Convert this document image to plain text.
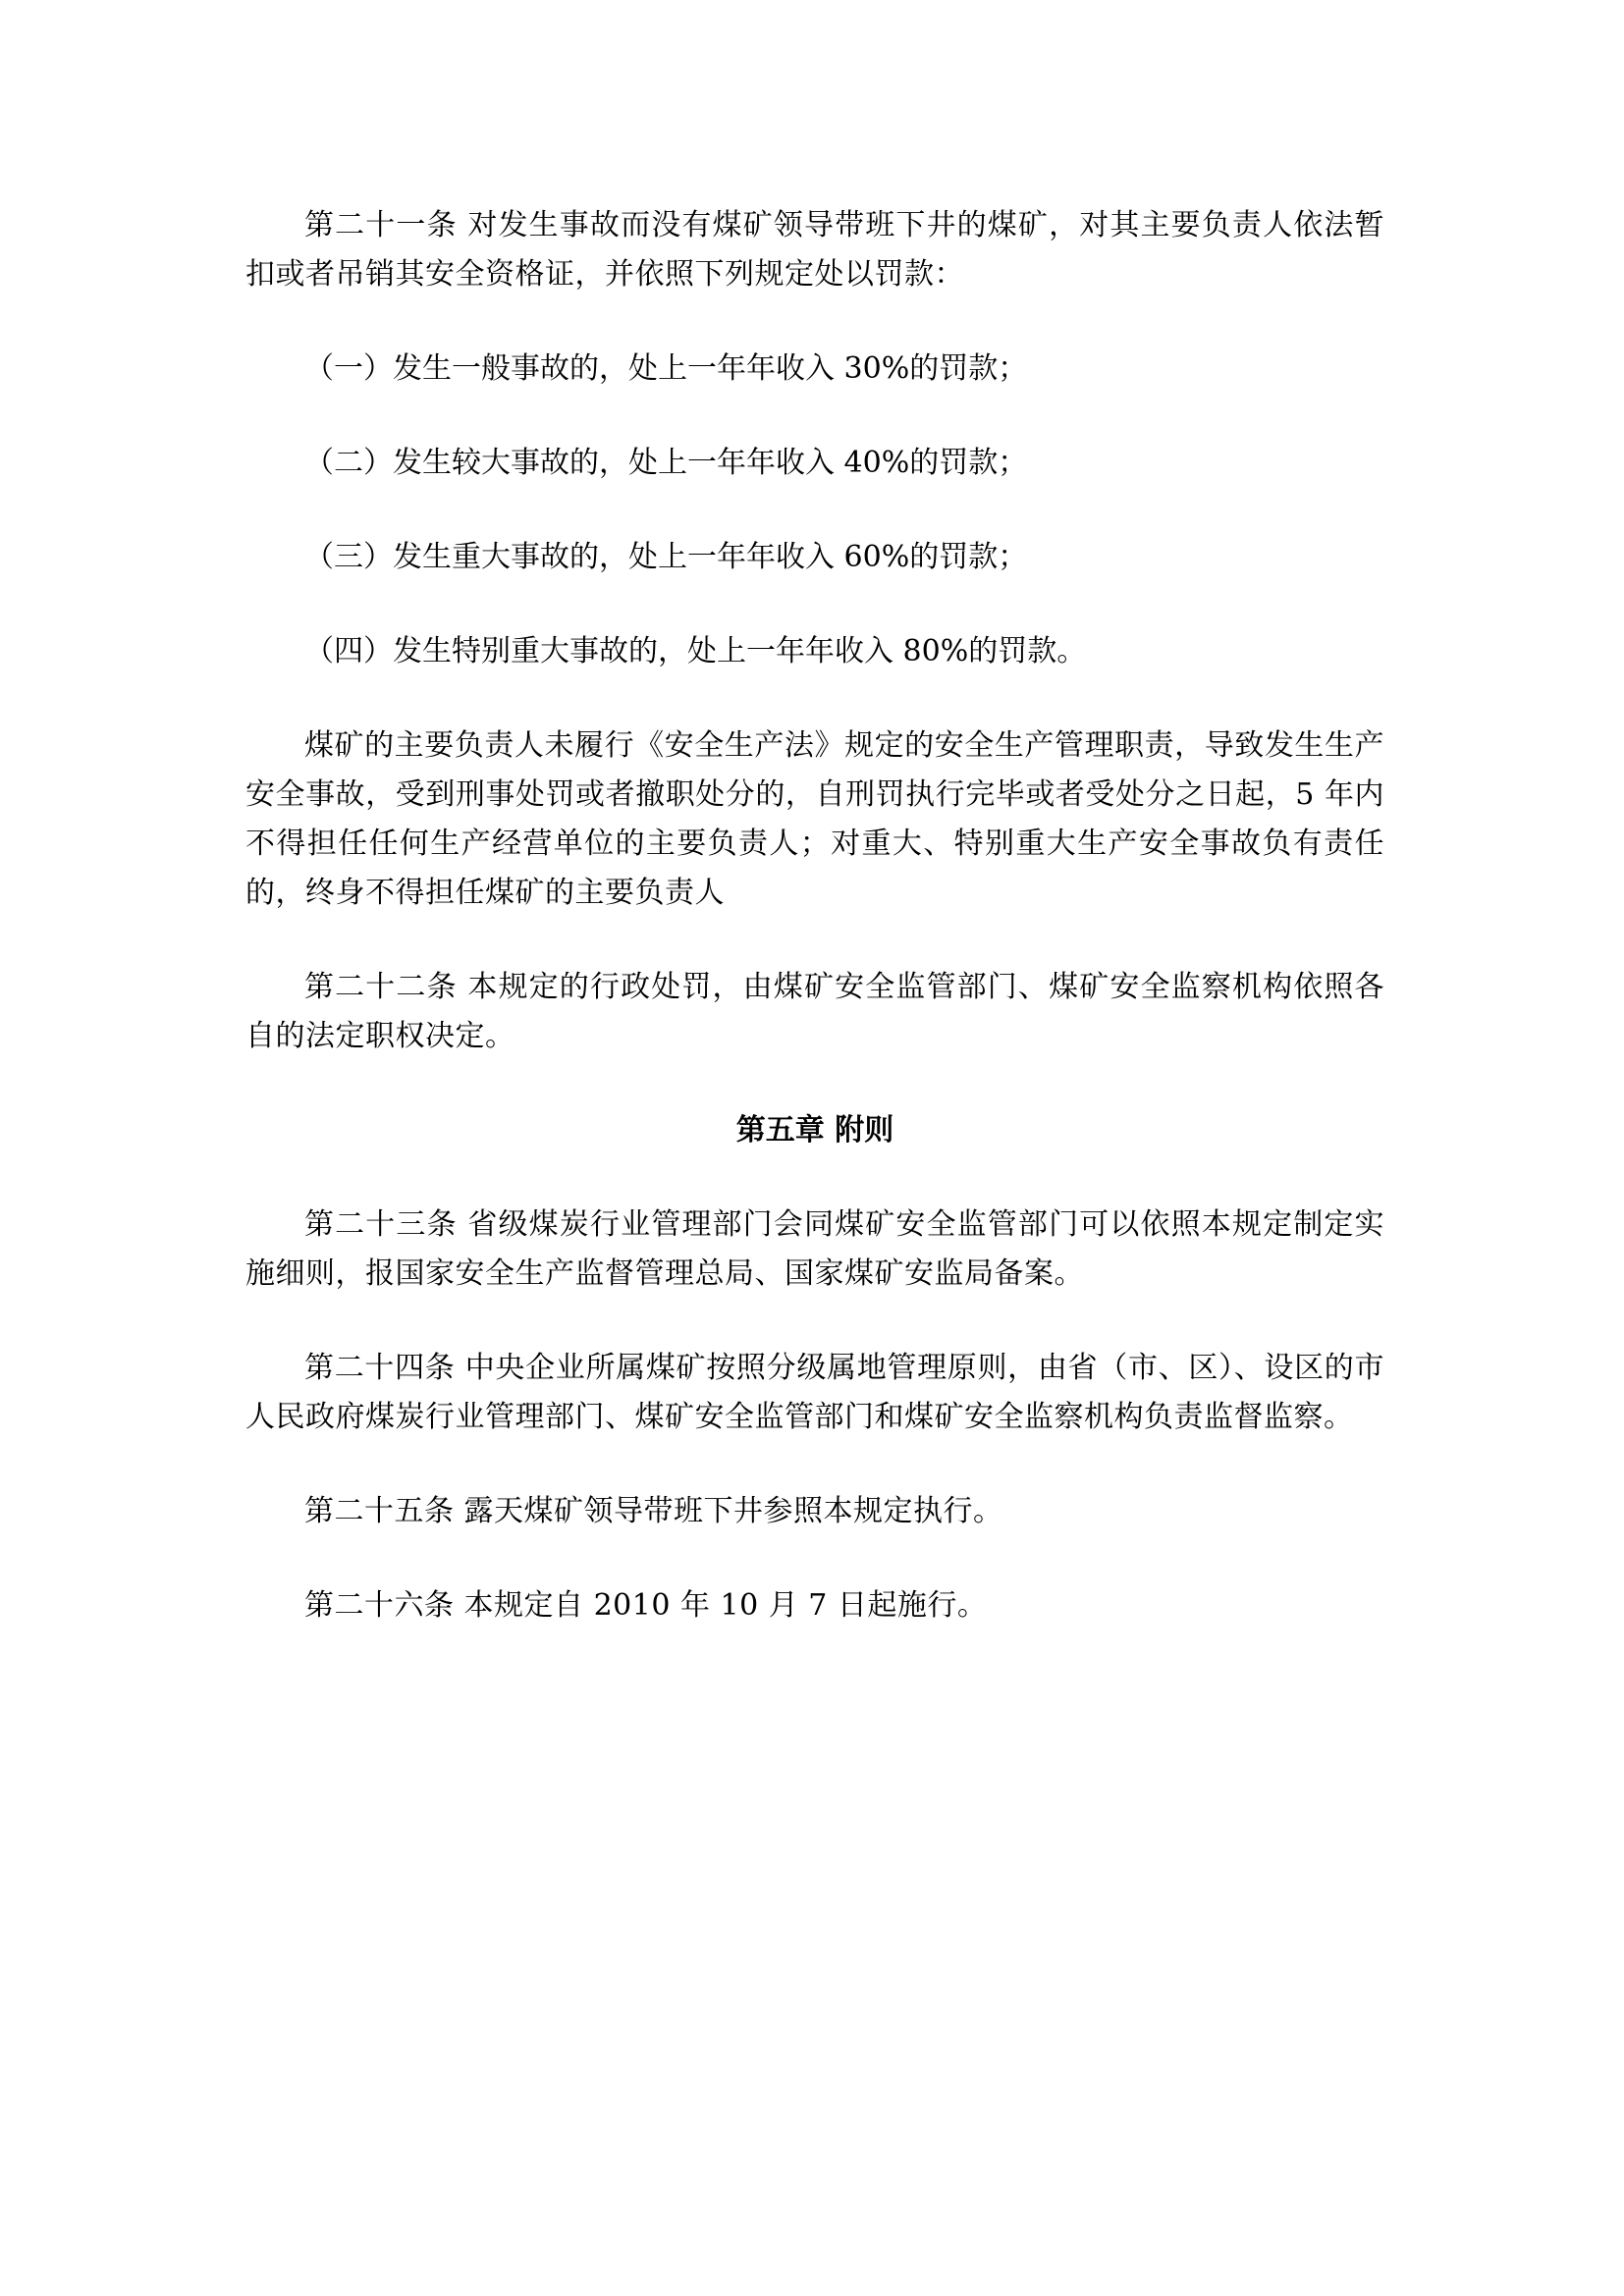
第二十一条 对发生事故而没有煤矿领导带班下井的煤矿，对其主要负责人依法暂扣或者吊销其安全资格证，并依照下列规定处以罚款：

（一）发生一般事故的，处上一年年收入 30%的罚款；

（二）发生较大事故的，处上一年年收入 40%的罚款；

（三）发生重大事故的，处上一年年收入 60%的罚款；

（四）发生特别重大事故的，处上一年年收入 80%的罚款。

煤矿的主要负责人未履行《安全生产法》规定的安全生产管理职责，导致发生生产安全事故，受到刑事处罚或者撤职处分的，自刑罚执行完毕或者受处分之日起，5 年内不得担任任何生产经营单位的主要负责人；对重大、特别重大生产安全事故负有责任的，终身不得担任煤矿的主要负责人

第二十二条 本规定的行政处罚，由煤矿安全监管部门、煤矿安全监察机构依照各自的法定职权决定。

第五章 附则

第二十三条 省级煤炭行业管理部门会同煤矿安全监管部门可以依照本规定制定实施细则，报国家安全生产监督管理总局、国家煤矿安监局备案。

第二十四条 中央企业所属煤矿按照分级属地管理原则，由省（市、区）、设区的市人民政府煤炭行业管理部门、煤矿安全监管部门和煤矿安全监察机构负责监督监察。

第二十五条 露天煤矿领导带班下井参照本规定执行。

第二十六条 本规定自 2010 年 10 月 7 日起施行。
